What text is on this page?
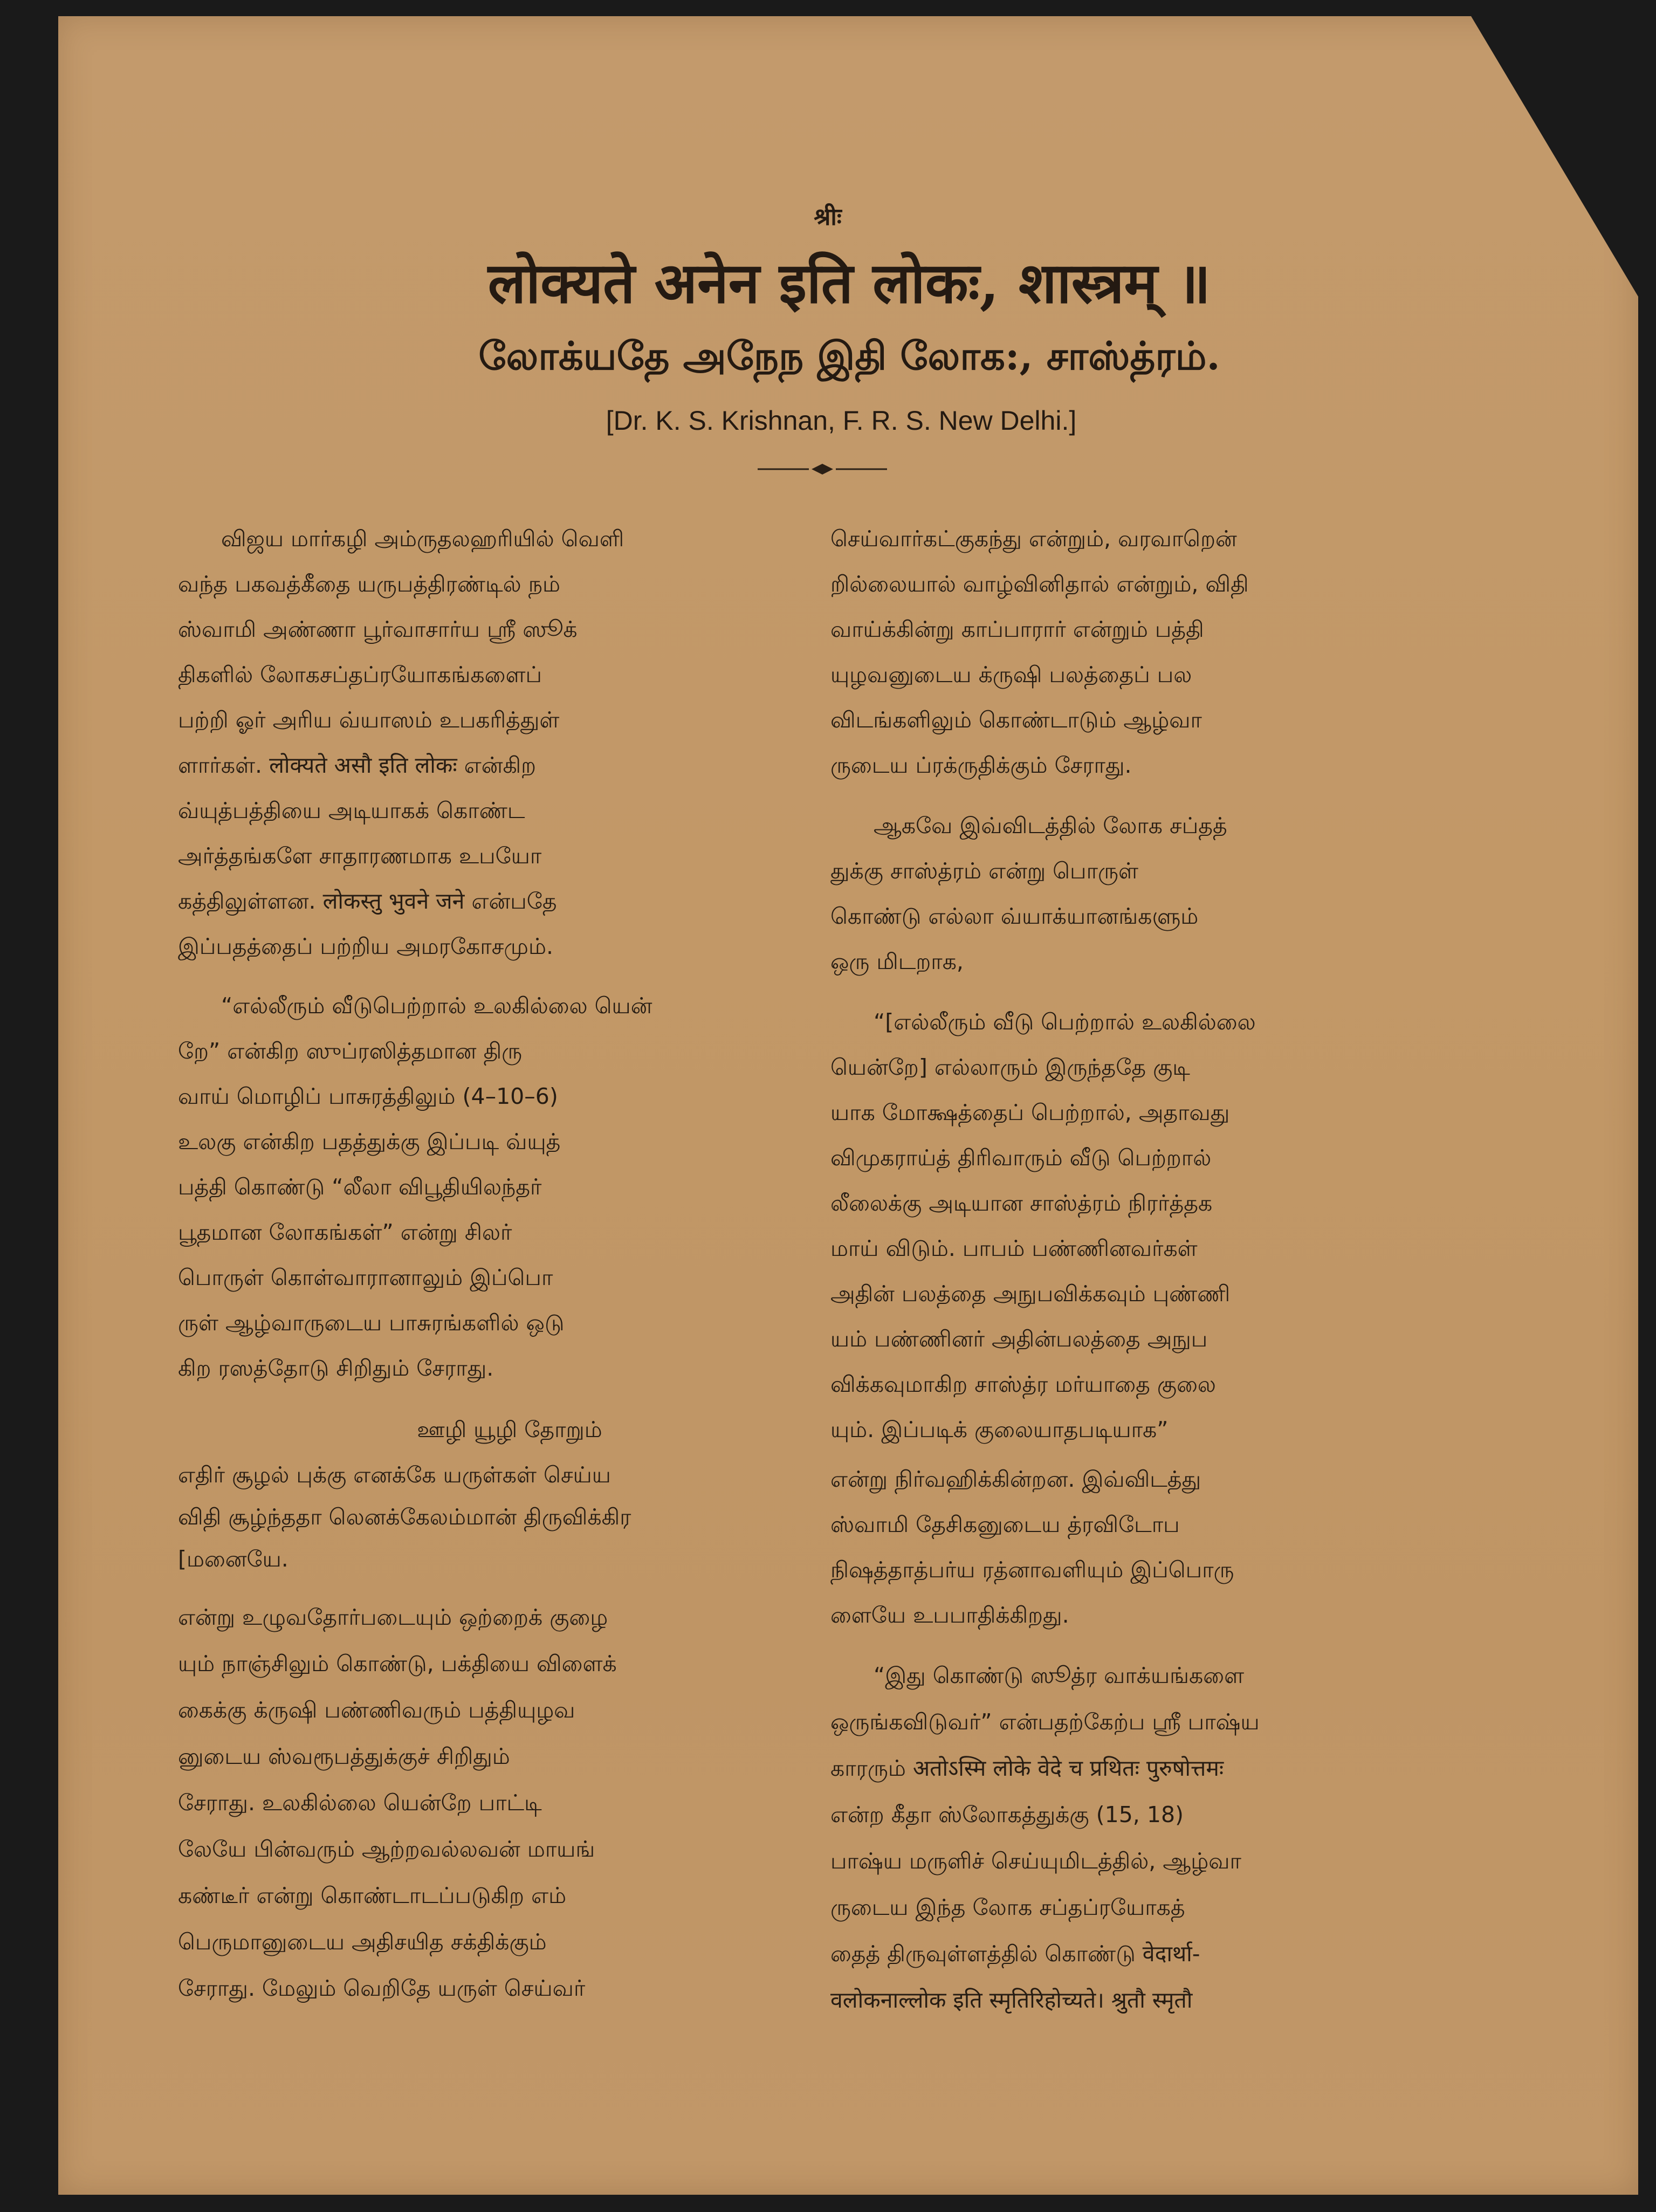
श्रीः
लोक्यते अनेन इति लोकः, शास्त्रम् ॥
லோக்யதே அநேந இதி லோக:, சாஸ்த்ரம்.
[Dr. K. S. Krishnan, F. R. S. New Delhi.]
விஜய மார்கழி அம்ருதலஹரியில் வெளி
வந்த பகவத்கீதை யருபத்திரண்டில் நம்
ஸ்வாமி அண்ணா பூர்வாசார்ய ஸ்ரீ ஸூக்
திகளில் லோகசப்தப்ரயோகங்களைப்
பற்றி ஓர் அரிய வ்யாஸம் உபகரித்துள்
ளார்கள். लोक्यते असौ इति लोकः என்கிற
வ்யுத்பத்தியை அடியாகக் கொண்ட
அர்த்தங்களே சாதாரணமாக உபயோ
கத்திலுள்ளன. लोकस्तु भुवने जने என்பதே
இப்பதத்தைப் பற்றிய அமரகோசமும்.
“எல்லீரும் வீடுபெற்றால் உலகில்லை யென்
றே” என்கிற ஸுப்ரஸித்தமான திரு
வாய் மொழிப் பாசுரத்திலும் (4–10–6)
உலகு என்கிற பதத்துக்கு இப்படி வ்யுத்
பத்தி கொண்டு “லீலா விபூதியிலந்தர்
பூதமான லோகங்கள்” என்று சிலர்
பொருள் கொள்வாரானாலும் இப்பொ
ருள் ஆழ்வாருடைய பாசுரங்களில் ஒடு
கிற ரஸத்தோடு சிறிதும் சேராது.
ஊழி யூழி தோறும்
எதிர் சூழல் புக்கு எனக்கே யருள்கள் செய்ய
விதி சூழ்ந்ததா லெனக்கேலம்மான் திருவிக்கிர
[மனையே.
என்று உழுவதோர்படையும் ஒற்றைக் குழை
யும் நாஞ்சிலும் கொண்டு, பக்தியை விளைக்
கைக்கு க்ருஷி பண்ணிவரும் பத்தியுழவ
னுடைய ஸ்வரூபத்துக்குச் சிறிதும்
சேராது. உலகில்லை யென்றே பாட்டி
லேயே பின்வரும் ஆற்றவல்லவன் மாயங்
கண்டீர் என்று கொண்டாடப்படுகிற எம்
பெருமானுடைய அதிசயித சக்திக்கும்
சேராது. மேலும் வெறிதே யருள் செய்வர்
செய்வார்கட்குகந்து என்றும், வரவாறென்
றில்லையால் வாழ்வினிதால் என்றும், விதி
வாய்க்கின்று காப்பாரார் என்றும் பத்தி
யுழவனுடைய க்ருஷி பலத்தைப் பல
விடங்களிலும் கொண்டாடும் ஆழ்வா
ருடைய ப்ரக்ருதிக்கும் சேராது.
ஆகவே இவ்விடத்தில் லோக சப்தத்
துக்கு சாஸ்த்ரம் என்று பொருள்
கொண்டு எல்லா வ்யாக்யானங்களும்
ஒரு மிடறாக,
“[எல்லீரும் வீடு பெற்றால் உலகில்லை
யென்றே] எல்லாரும் இருந்ததே குடி
யாக மோக்ஷத்தைப் பெற்றால், அதாவது
விமுகராய்த் திரிவாரும் வீடு பெற்றால்
லீலைக்கு அடியான சாஸ்த்ரம் நிரர்த்தக
மாய் விடும். பாபம் பண்ணினவர்கள்
அதின் பலத்தை அநுபவிக்கவும் புண்ணி
யம் பண்ணினர் அதின்பலத்தை அநுப
விக்கவுமாகிற சாஸ்த்ர மர்யாதை குலை
யும். இப்படிக் குலையாதபடியாக”
என்று நிர்வஹிக்கின்றன. இவ்விடத்து
ஸ்வாமி தேசிகனுடைய த்ரவிடோப
நிஷத்தாத்பர்ய ரத்னாவளியும் இப்பொரு
ளையே உபபாதிக்கிறது.
“இது கொண்டு ஸூத்ர வாக்யங்களை
ஒருங்கவிடுவர்” என்பதற்கேற்ப ஸ்ரீ பாஷ்ய
காரரும் अतोऽस्मि लोके वेदे च प्रथितः पुरुषोत्तमः
என்ற கீதா ஸ்லோகத்துக்கு (15, 18)
பாஷ்ய மருளிச் செய்யுமிடத்தில், ஆழ்வா
ருடைய இந்த லோக சப்தப்ரயோகத்
தைத் திருவுள்ளத்தில் கொண்டு वेदार्था-
वलोकनाल्लोक इति स्मृतिरिहोच्यते। श्रुतौ स्मृतौ
